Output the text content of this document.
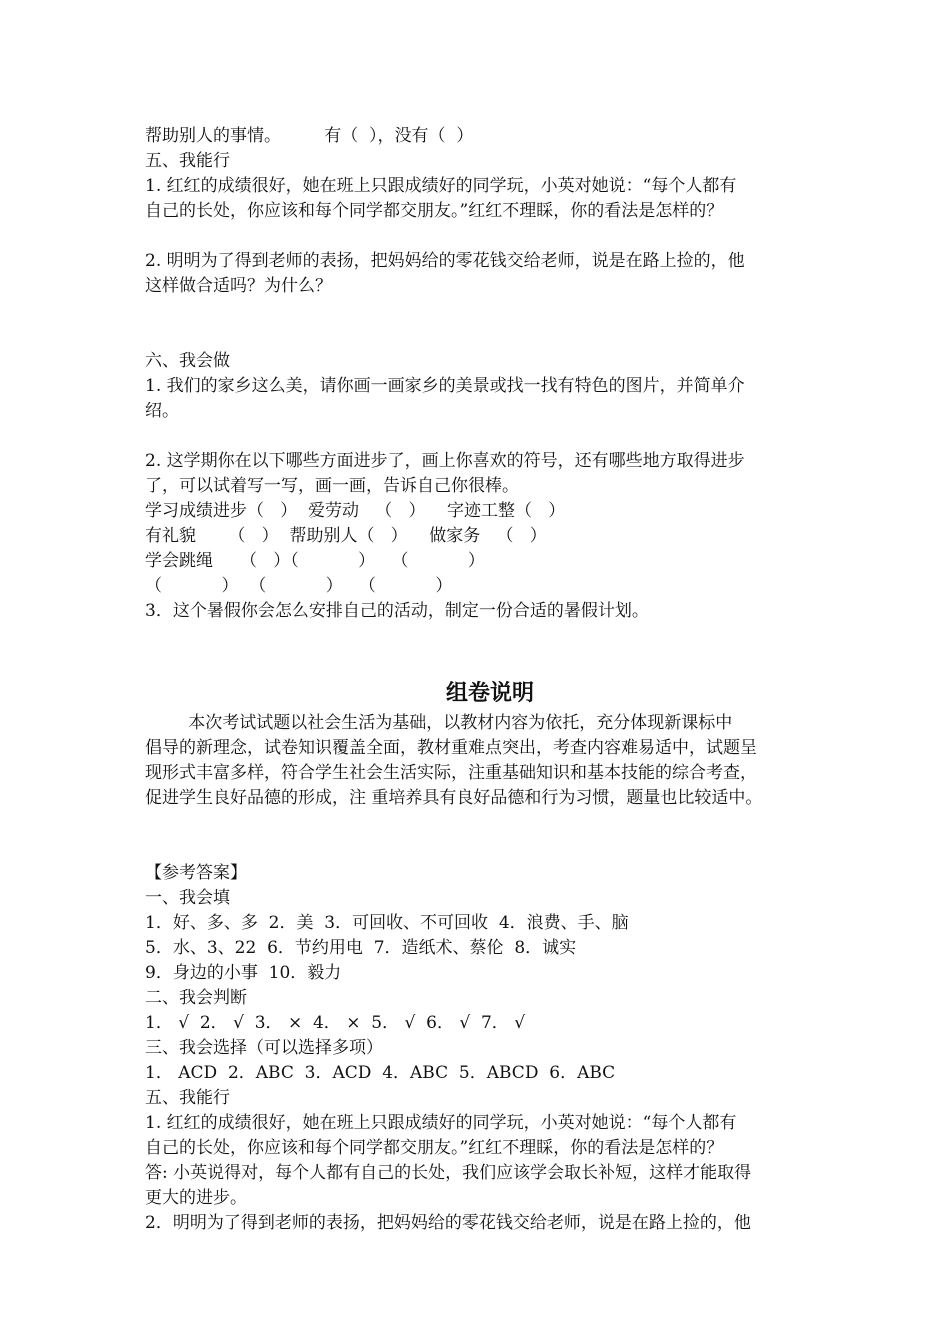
帮助别人的事情。        有（  ），没有（  ）
五、我能行
1. 红红的成绩很好，她在班上只跟成绩好的同学玩，小英对她说：“每个人都有
自己的长处，你应该和每个同学都交朋友。”红红不理睬，你的看法是怎样的？
2. 明明为了得到老师的表扬，把妈妈给的零花钱交给老师，说是在路上捡的，他
这样做合适吗？为什么？
六、我会做
1. 我们的家乡这么美，请你画一画家乡的美景或找一找有特色的图片，并简单介
绍。
2. 这学期你在以下哪些方面进步了，画上你喜欢的符号，还有哪些地方取得进步
了，可以试着写一写，画一画，告诉自己你很棒。
学习成绩进步（   ）  爱劳动   （   ）    字迹工整（   ）
有礼貌      （   ）  帮助别人（   ）    做家务   （   ）
学会跳绳     （   ）（           ）   （           ）
（           ）  （           ）   （           ）
3．这个暑假你会怎么安排自己的活动，制定一份合适的暑假计划。
组卷说明
本次考试试题以社会生活为基础，以教材内容为依托，充分体现新课标中
倡导的新理念，试卷知识覆盖全面，教材重难点突出，考查内容难易适中，试题呈
现形式丰富多样，符合学生社会生活实际，注重基础知识和基本技能的综合考查，
促进学生良好品德的形成，注 重培养具有良好品德和行为习惯，题量也比较适中。
【参考答案】
一、我会填
1．好、多、多  2．美  3．可回收、不可回收  4．浪费、手、脑
5．水、3、22  6．节约用电  7．造纸术、蔡伦  8．诚实
9．身边的小事  10．毅力
二、我会判断
1． √  2． √  3． ×  4． ×  5． √  6． √  7． √
三、我会选择（可以选择多项）
1． ACD  2．ABC  3．ACD  4．ABC  5．ABCD  6．ABC
五、我能行
1. 红红的成绩很好，她在班上只跟成绩好的同学玩，小英对她说：“每个人都有
自己的长处，你应该和每个同学都交朋友。”红红不理睬，你的看法是怎样的？
答: 小英说得对，每个人都有自己的长处，我们应该学会取长补短，这样才能取得
更大的进步。
2．明明为了得到老师的表扬，把妈妈给的零花钱交给老师，说是在路上捡的，他
